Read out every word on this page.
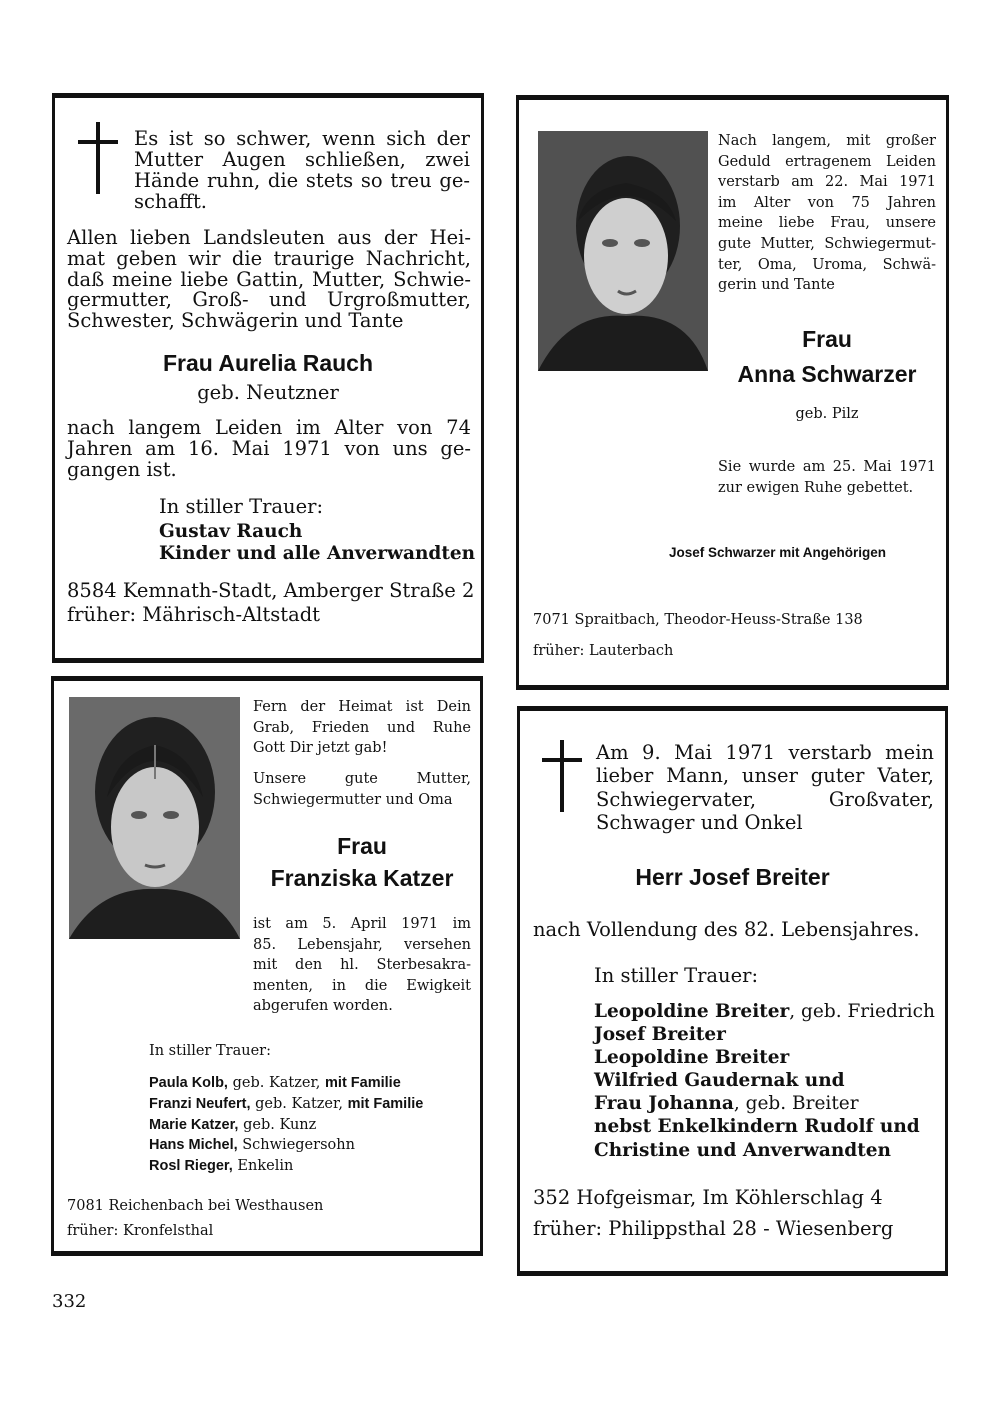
Es ist so schwer, wenn sich der
Mutter Augen schließen, zwei
Hände ruhn, die stets so treu ge-
schafft.
Allen lieben Landsleuten aus der Hei-
mat geben wir die traurige Nachricht,
daß meine liebe Gattin, Mutter, Schwie-
germutter, Groß- und Urgroßmutter,
Schwester, Schwägerin und Tante
Frau Aurelia Rauch
geb. Neutzner
nach langem Leiden im Alter von 74
Jahren am 16. Mai 1971 von uns ge-
gangen ist.
In stiller Trauer:
Gustav Rauch
Kinder und alle Anverwandten
8584 Kemnath-Stadt, Amberger Straße 2
früher: Mährisch-Altstadt
Nach langem, mit großer
Geduld ertragenem Leiden
verstarb am 22. Mai 1971
im Alter von 75 Jahren
meine liebe Frau, unsere
gute Mutter, Schwiegermut-
ter, Oma, Uroma, Schwä-
gerin und Tante
Frau
Anna Schwarzer
geb. Pilz
Sie wurde am 25. Mai 1971
zur ewigen Ruhe gebettet.
Josef Schwarzer mit Angehörigen
7071 Spraitbach, Theodor-Heuss-Straße 138
früher: Lauterbach
Fern der Heimat ist Dein
Grab, Frieden und Ruhe
Gott Dir jetzt gab!
Unsere gute Mutter,
Schwiegermutter und Oma
Frau
Franziska Katzer
ist am 5. April 1971 im
85. Lebensjahr, versehen
mit den hl. Sterbesakra-
menten, in die Ewigkeit
abgerufen worden.
In stiller Trauer:
Paula Kolb, geb. Katzer, mit Familie
Franzi Neufert, geb. Katzer, mit Familie
Marie Katzer, geb. Kunz
Hans Michel, Schwiegersohn
Rosl Rieger, Enkelin
7081 Reichenbach bei Westhausen
früher: Kronfelsthal
Am 9. Mai 1971 verstarb mein
lieber Mann, unser guter Vater,
Schwiegervater, Großvater,
Schwager und Onkel
Herr Josef Breiter
nach Vollendung des 82. Lebensjahres.
In stiller Trauer:
Leopoldine Breiter, geb. Friedrich
Josef Breiter
Leopoldine Breiter
Wilfried Gaudernak und
Frau Johanna, geb. Breiter
nebst Enkelkindern Rudolf und
Christine und Anverwandten
352 Hofgeismar, Im Köhlerschlag 4
früher: Philippsthal 28 - Wiesenberg
332
